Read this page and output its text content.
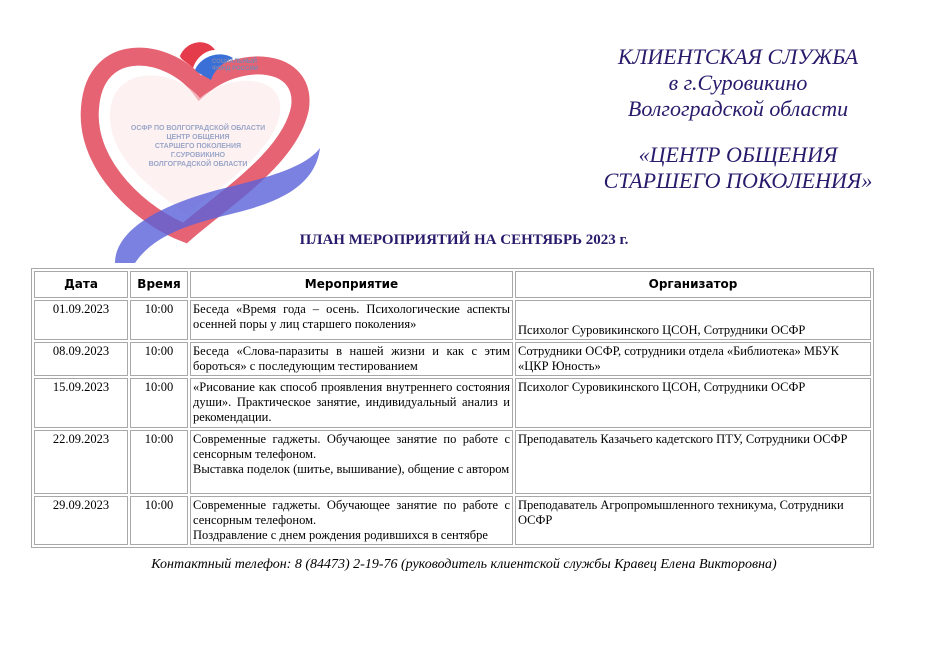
СОЦИАЛЬНЫЙ
ФОНД РОССИИ
ОСФР ПО ВОЛГОГРАДСКОЙ ОБЛАСТИ
ЦЕНТР ОБЩЕНИЯ
СТАРШЕГО ПОКОЛЕНИЯ
Г.СУРОВИКИНО
ВОЛГОГРАДСКОЙ ОБЛАСТИ
КЛИЕНТСКАЯ СЛУЖБА
в г.Суровикино
Волгоградской области
«ЦЕНТР ОБЩЕНИЯ
СТАРШЕГО ПОКОЛЕНИЯ»
ПЛАН МЕРОПРИЯТИЙ НА СЕНТЯБРЬ 2023 г.
Дата	Время	Мероприятие	Организатор
01.09.2023	10:00	Беседа «Время года – осень. Психологические аспекты осенней поры у лиц старшего поколения»	Психолог Суровикинского ЦСОН, Сотрудники ОСФР
08.09.2023	10:00	Беседа «Слова-паразиты в нашей жизни и как с этим бороться» с последующим тестированием	Сотрудники ОСФР, сотрудники отдела «Библиотека» МБУК «ЦКР Юность»
15.09.2023	10:00	«Рисование как способ проявления внутреннего состояния души». Практическое занятие, индивидуальный анализ и рекомендации.	Психолог Суровикинского ЦСОН, Сотрудники ОСФР
22.09.2023	10:00	Современные гаджеты. Обучающее занятие по работе с сенсорным телефоном.
Выставка поделок (шитье, вышивание), общение с автором	Преподаватель Казачьего кадетского ПТУ, Сотрудники ОСФР
29.09.2023	10:00	Современные гаджеты. Обучающее занятие по работе с сенсорным телефоном.
Поздравление с днем рождения родившихся в сентябре	Преподаватель Агропромышленного техникума, Сотрудники ОСФР
Контактный телефон: 8 (84473) 2-19-76 (руководитель клиентской службы Кравец Елена Викторовна)
